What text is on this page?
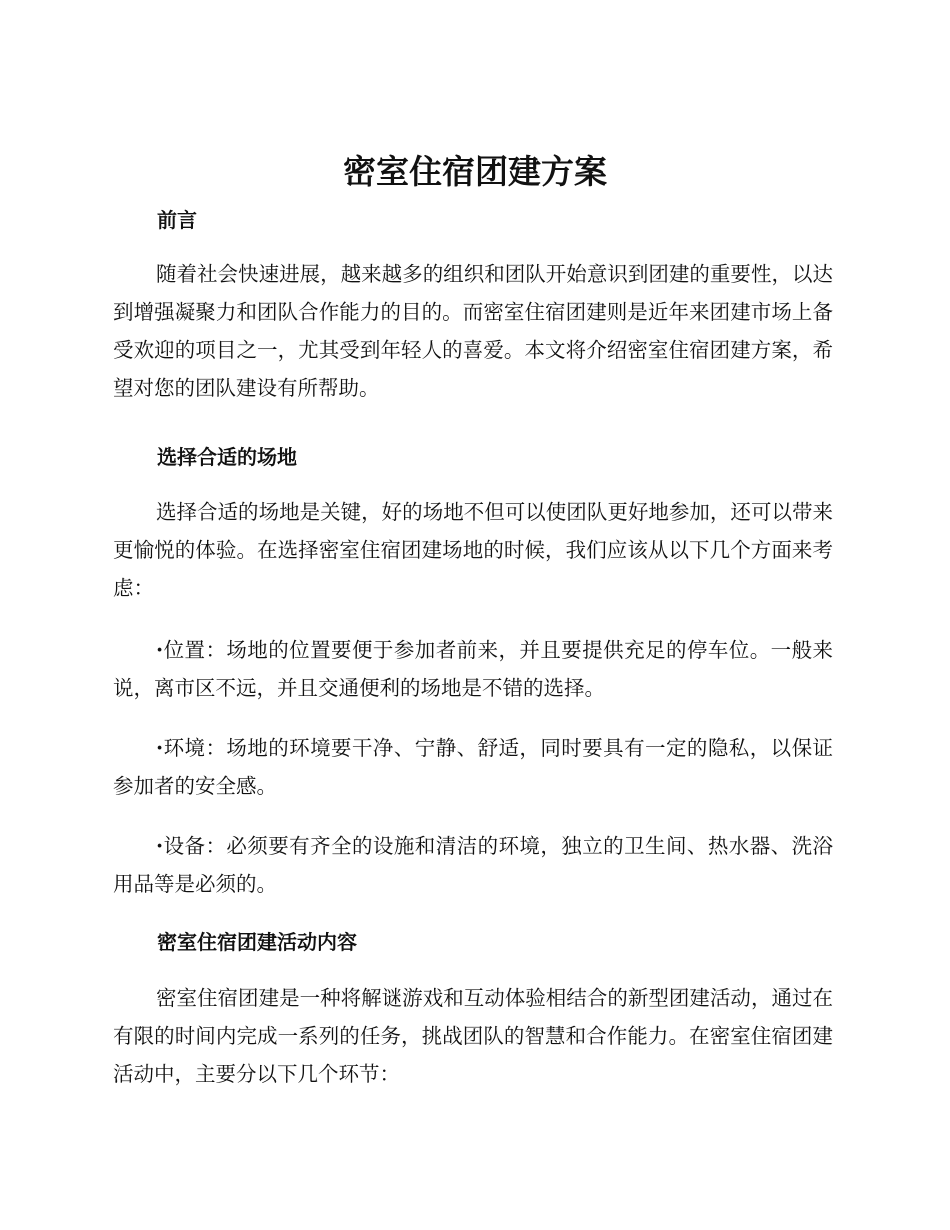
密室住宿团建方案
前言
随着社会快速进展，越来越多的组织和团队开始意识到团建的重要性，以达到增强凝聚力和团队合作能力的目的。而密室住宿团建则是近年来团建市场上备受欢迎的项目之一，尤其受到年轻人的喜爱。本文将介绍密室住宿团建方案，希望对您的团队建设有所帮助。
选择合适的场地
选择合适的场地是关键，好的场地不但可以使团队更好地参加，还可以带来更愉悦的体验。在选择密室住宿团建场地的时候，我们应该从以下几个方面来考虑：
·位置：场地的位置要便于参加者前来，并且要提供充足的停车位。一般来说，离市区不远，并且交通便利的场地是不错的选择。
·环境：场地的环境要干净、宁静、舒适，同时要具有一定的隐私，以保证参加者的安全感。
·设备：必须要有齐全的设施和清洁的环境，独立的卫生间、热水器、洗浴用品等是必须的。
密室住宿团建活动内容
密室住宿团建是一种将解谜游戏和互动体验相结合的新型团建活动，通过在有限的时间内完成一系列的任务，挑战团队的智慧和合作能力。在密室住宿团建活动中，主要分以下几个环节：
